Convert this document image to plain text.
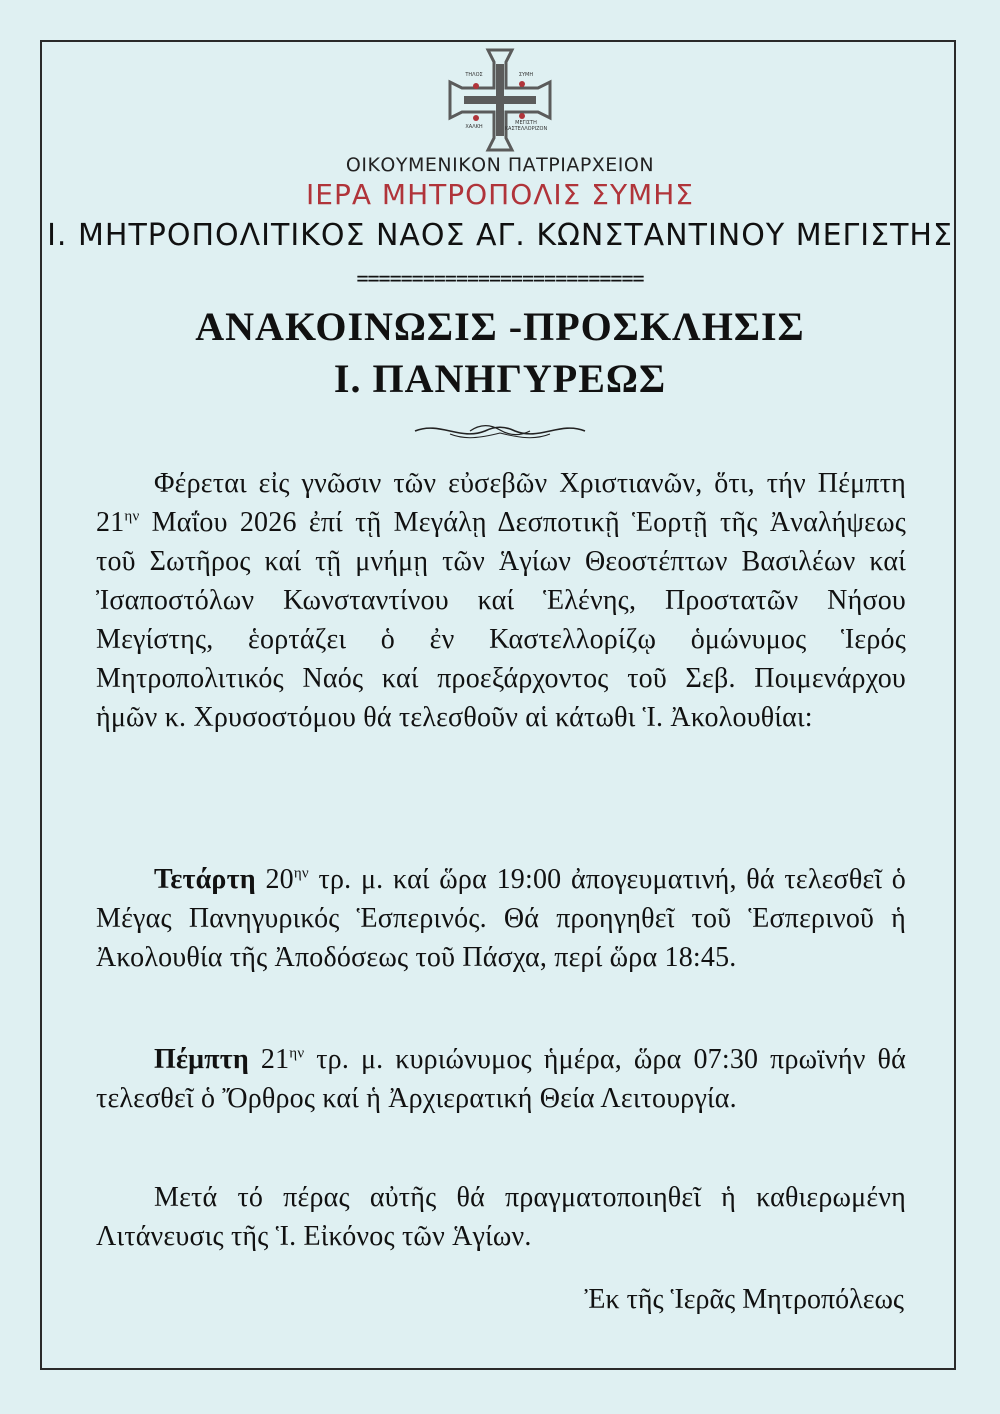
ΤΗΛΟΣ	ΣΥΜΗ
ΧΑΛΚΗ
ΜΕΓΙΣΤΗ
ΚΑΣΤΕΛΛΟΡΙΖΟΝ
ΟΙΚΟΥΜΕΝΙΚΟΝ ΠΑΤΡΙΑΡΧΕΙΟΝ
ΙΕΡΑ ΜΗΤΡΟΠΟΛΙΣ ΣΥΜΗΣ
Ι. ΜΗΤΡΟΠΟΛΙΤΙΚΟΣ ΝΑΟΣ ΑΓ. ΚΩΝΣΤΑΝΤΙΝΟΥ ΜΕΓΙΣΤΗΣ
==========================
ΑΝΑΚΟΙΝΩΣΙΣ -ΠΡΟΣΚΛΗΣΙΣ
Ι. ΠΑΝΗΓΥΡΕΩΣ

Φέρεται εἰς γνῶσιν τῶν εὐσεβῶν Χριστιανῶν, ὅτι, τήν Πέμπτη $21^{\eta\nu}$ Μαΐου 2026 ἐπί τῇ Μεγάλῃ Δεσποτικῇ Ἑορτῇ τῆς Ἀναλήψεως τοῦ Σωτῆρος καί τῇ μνήμῃ τῶν Ἁγίων Θεοστέπτων Βασιλέων καί Ἰσαποστόλων Κωνσταντίνου καί Ἑλένης, Προστατῶν Νήσου Μεγίστης, ἑορτάζει ὁ ἐν Καστελλορίζῳ ὁμώνυμος Ἱερός Μητροπολιτικός Ναός καί προεξάρχοντος τοῦ Σεβ. Ποιμενάρχου ἡμῶν κ. Χρυσοστόμου θά τελεσθοῦν αἱ κάτωθι Ἱ. Ἀκολουθίαι:

Τετάρτη $20^{\eta\nu}$ τρ. μ. καί ὥρα 19:00 ἀπογευματινή, θά τελεσθεῖ ὁ Μέγας Πανηγυρικός Ἑσπερινός. Θά προηγηθεῖ τοῦ Ἑσπερινοῦ ἡ Ἀκολουθία τῆς Ἀποδόσεως τοῦ Πάσχα, περί ὥρα 18:45.

Πέμπτη $21^{\eta\nu}$ τρ. μ. κυριώνυμος ἡμέρα, ὥρα 07:30 πρωϊνήν θά τελεσθεῖ ὁ Ὄρθρος καί ἡ Ἀρχιερατική Θεία Λειτουργία.

Μετά τό πέρας αὐτῆς θά πραγματοποιηθεῖ ἡ καθιερωμένη Λιτάνευσις τῆς Ἱ. Εἰκόνος τῶν Ἁγίων.

Ἐκ τῆς Ἱερᾶς Μητροπόλεως
